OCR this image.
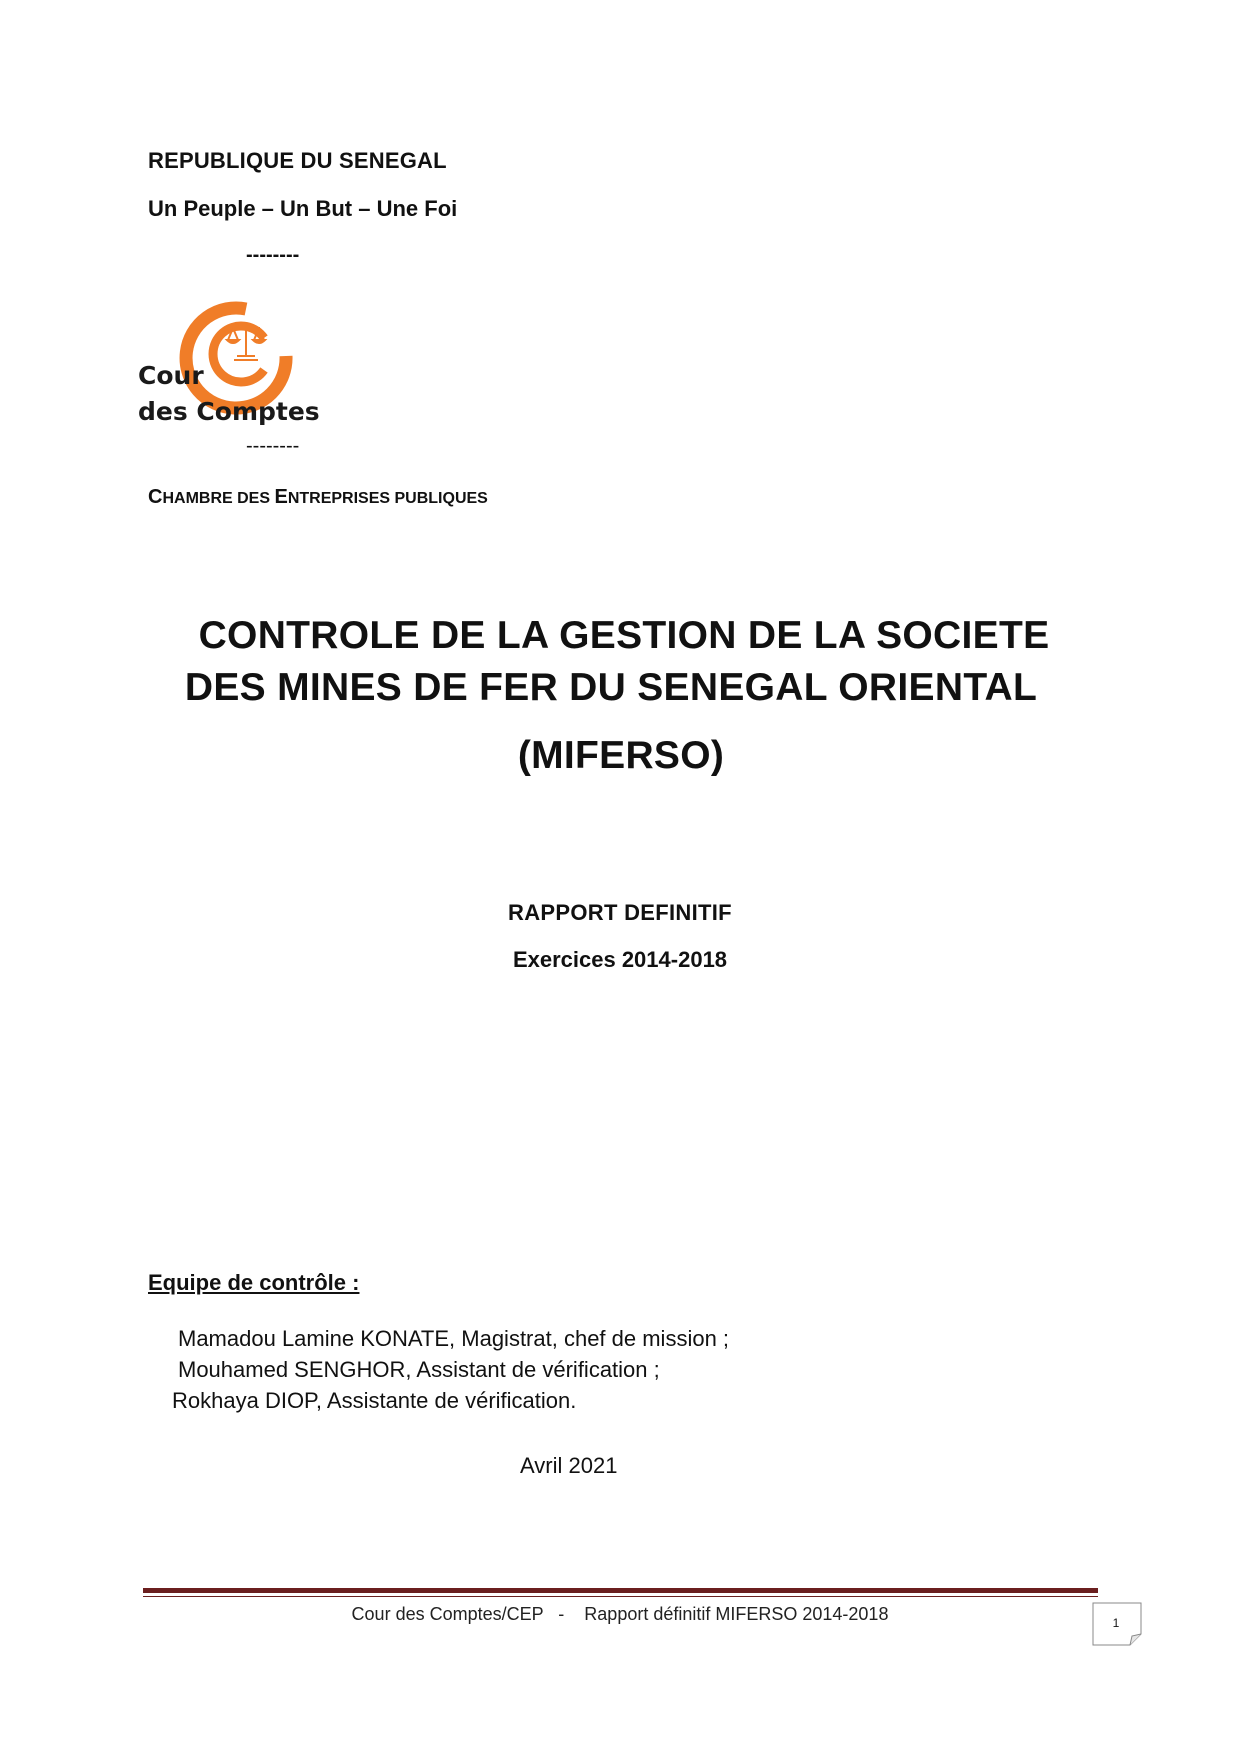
REPUBLIQUE DU SENEGAL
Un Peuple – Un But – Une Foi
--------
Cour
des Comptes
--------
CHAMBRE DES ENTREPRISES PUBLIQUES
CONTROLE DE LA GESTION DE LA SOCIETE
DES MINES DE FER DU SENEGAL ORIENTAL
(MIFERSO)
RAPPORT DEFINITIF
Exercices 2014-2018
Equipe de contrôle :
Mamadou Lamine KONATE, Magistrat, chef de mission ;
Mouhamed SENGHOR, Assistant de vérification ;
Rokhaya DIOP, Assistante de vérification.
Avril 2021
Cour des Comptes/CEP   -    Rapport définitif MIFERSO 2014-2018	1
